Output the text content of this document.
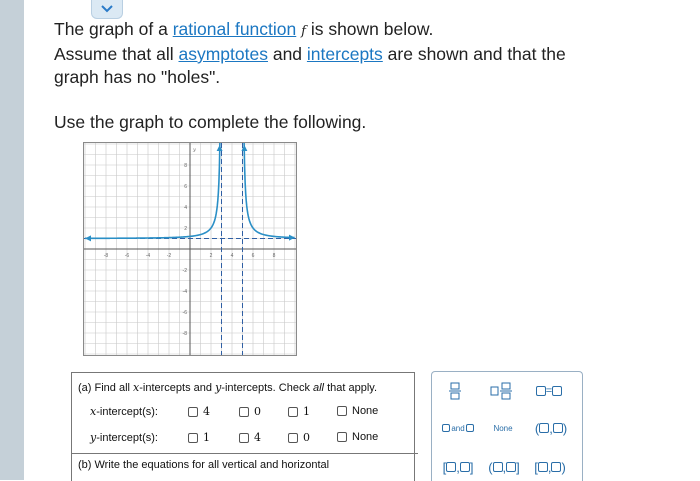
The graph of a rational function f is shown below.

Assume that all asymptotes and intercepts are shown and that the

graph has no "holes".

Use the graph to complete the following.
-8	-6	-4	-2	2	4	6	8
8
6
4
2
-2
-4
-6
-8
y
(a) Find all x-intercepts and y-intercepts. Check all that apply.
x-intercept(s):	4	0	1	None
y-intercept(s):	1	4	0	None
(b) Write the equations for all vertical and horizontal
=
and	None	( , )
[ , ] ( , ] [ , )
